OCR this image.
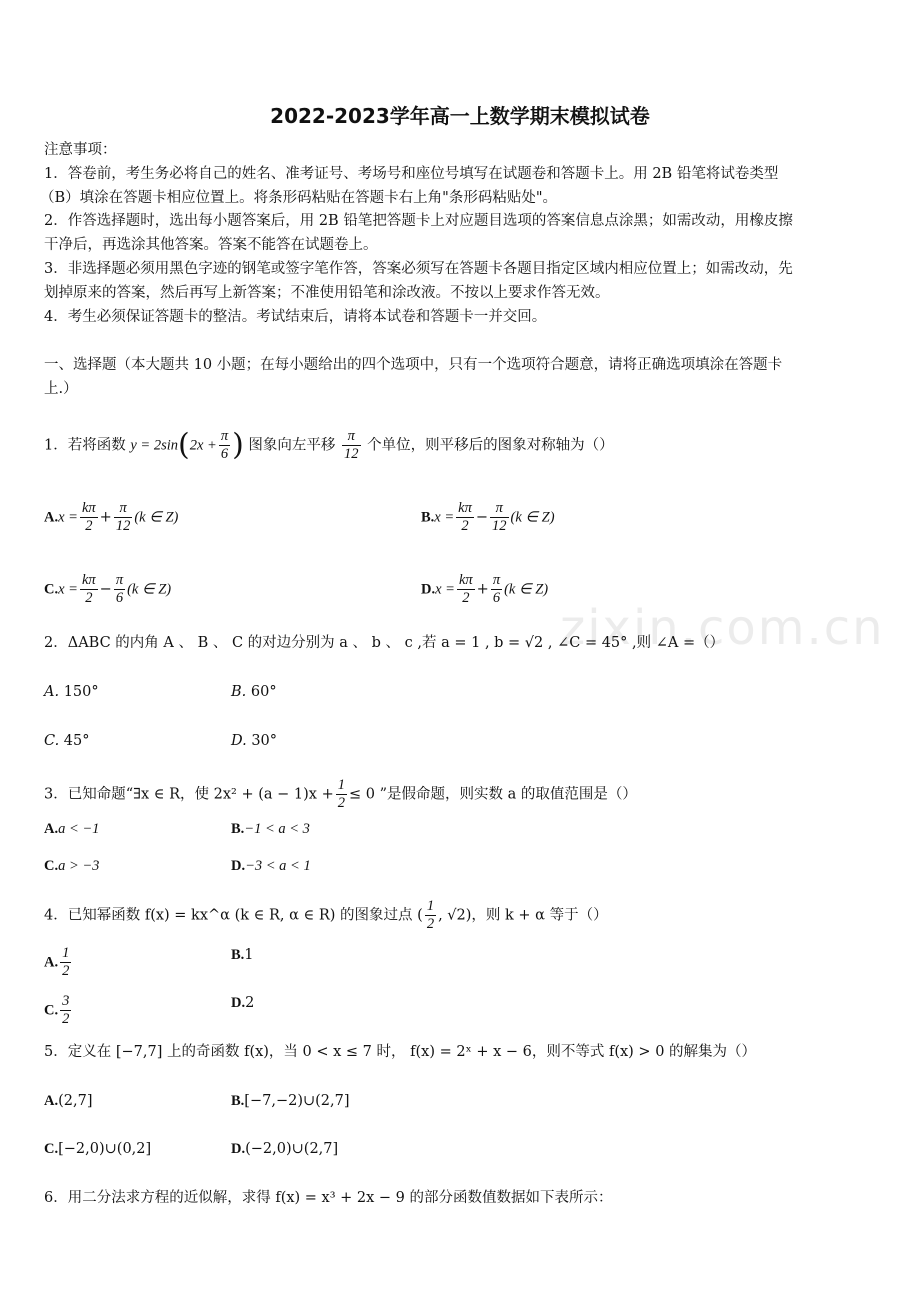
zixin.com.cn
2022-2023学年高一上数学期末模拟试卷
注意事项：
1．答卷前，考生务必将自己的姓名、准考证号、考场号和座位号填写在试题卷和答题卡上。用 2B 铅笔将试卷类型
（B）填涂在答题卡相应位置上。将条形码粘贴在答题卡右上角"条形码粘贴处"。
2．作答选择题时，选出每小题答案后，用 2B 铅笔把答题卡上对应题目选项的答案信息点涂黑；如需改动，用橡皮擦
干净后，再选涂其他答案。答案不能答在试题卷上。
3．非选择题必须用黑色字迹的钢笔或签字笔作答，答案必须写在答题卡各题目指定区域内相应位置上；如需改动，先
划掉原来的答案，然后再写上新答案；不准使用铅笔和涂改液。不按以上要求作答无效。
4．考生必须保证答题卡的整洁。考试结束后，请将本试卷和答题卡一并交回。
一、选择题（本大题共 10 小题；在每小题给出的四个选项中，只有一个选项符合题意，请将正确选项填涂在答题卡
上.）
1．若将函数 $y = 2\sin(2x + \frac{\pi}{6}$ ) 图象向左平移 $\frac{\pi}{12}$ 个单位，则平移后的图象对称轴为（）
$A.x = \frac{k\pi}{2} + \frac{\pi}{12} (k$ ∈ Z)	$B.x = \frac{k\pi}{2} - \frac{\pi}{12} (k$ ∈ Z)
$C.x = \frac{k\pi}{2} - \frac{\pi}{6} (k$ ∈ Z)	$D.x = \frac{k\pi}{2} + \frac{\pi}{6} (k$ ∈ Z)
2．ΔABC 的内角 A 、 B 、 C 的对边分别为 a 、 b 、 c ,若 a = 1 , b = √2 , ∠C = 45° ,则 ∠A =（）
A. 150°	B. 60°
C. 45°	D. 30°
3．已知命题“∃x ∈ R，使 $2x^2 + (a - 1)x + \frac{1}{2} \le 0$ ”是假命题，则实数 a 的取值范围是（）
A.a < −1	B.−1 < a < 3
C.a > −3	D.−3 < a < 1
4．已知幂函数 f(x) = kx^α (k ∈ R, α ∈ R) 的图象过点 ( $\frac{1}{2}$ , √2)，则 k + α 等于（）
A. $\frac{1}{2}$	B.1
C. $\frac{3}{2}$	D.2
5．定义在 [−7,7] 上的奇函数 f(x)，当 0 < x ≤ 7 时， f(x) = 2ˣ + x − 6，则不等式 f(x) > 0 的解集为（）
A.(2,7]	B.[−7,−2)∪(2,7]
C.[−2,0)∪(0,2]	D.(−2,0)∪(2,7]
6．用二分法求方程的近似解，求得 f(x) = x³ + 2x − 9 的部分函数值数据如下表所示：
